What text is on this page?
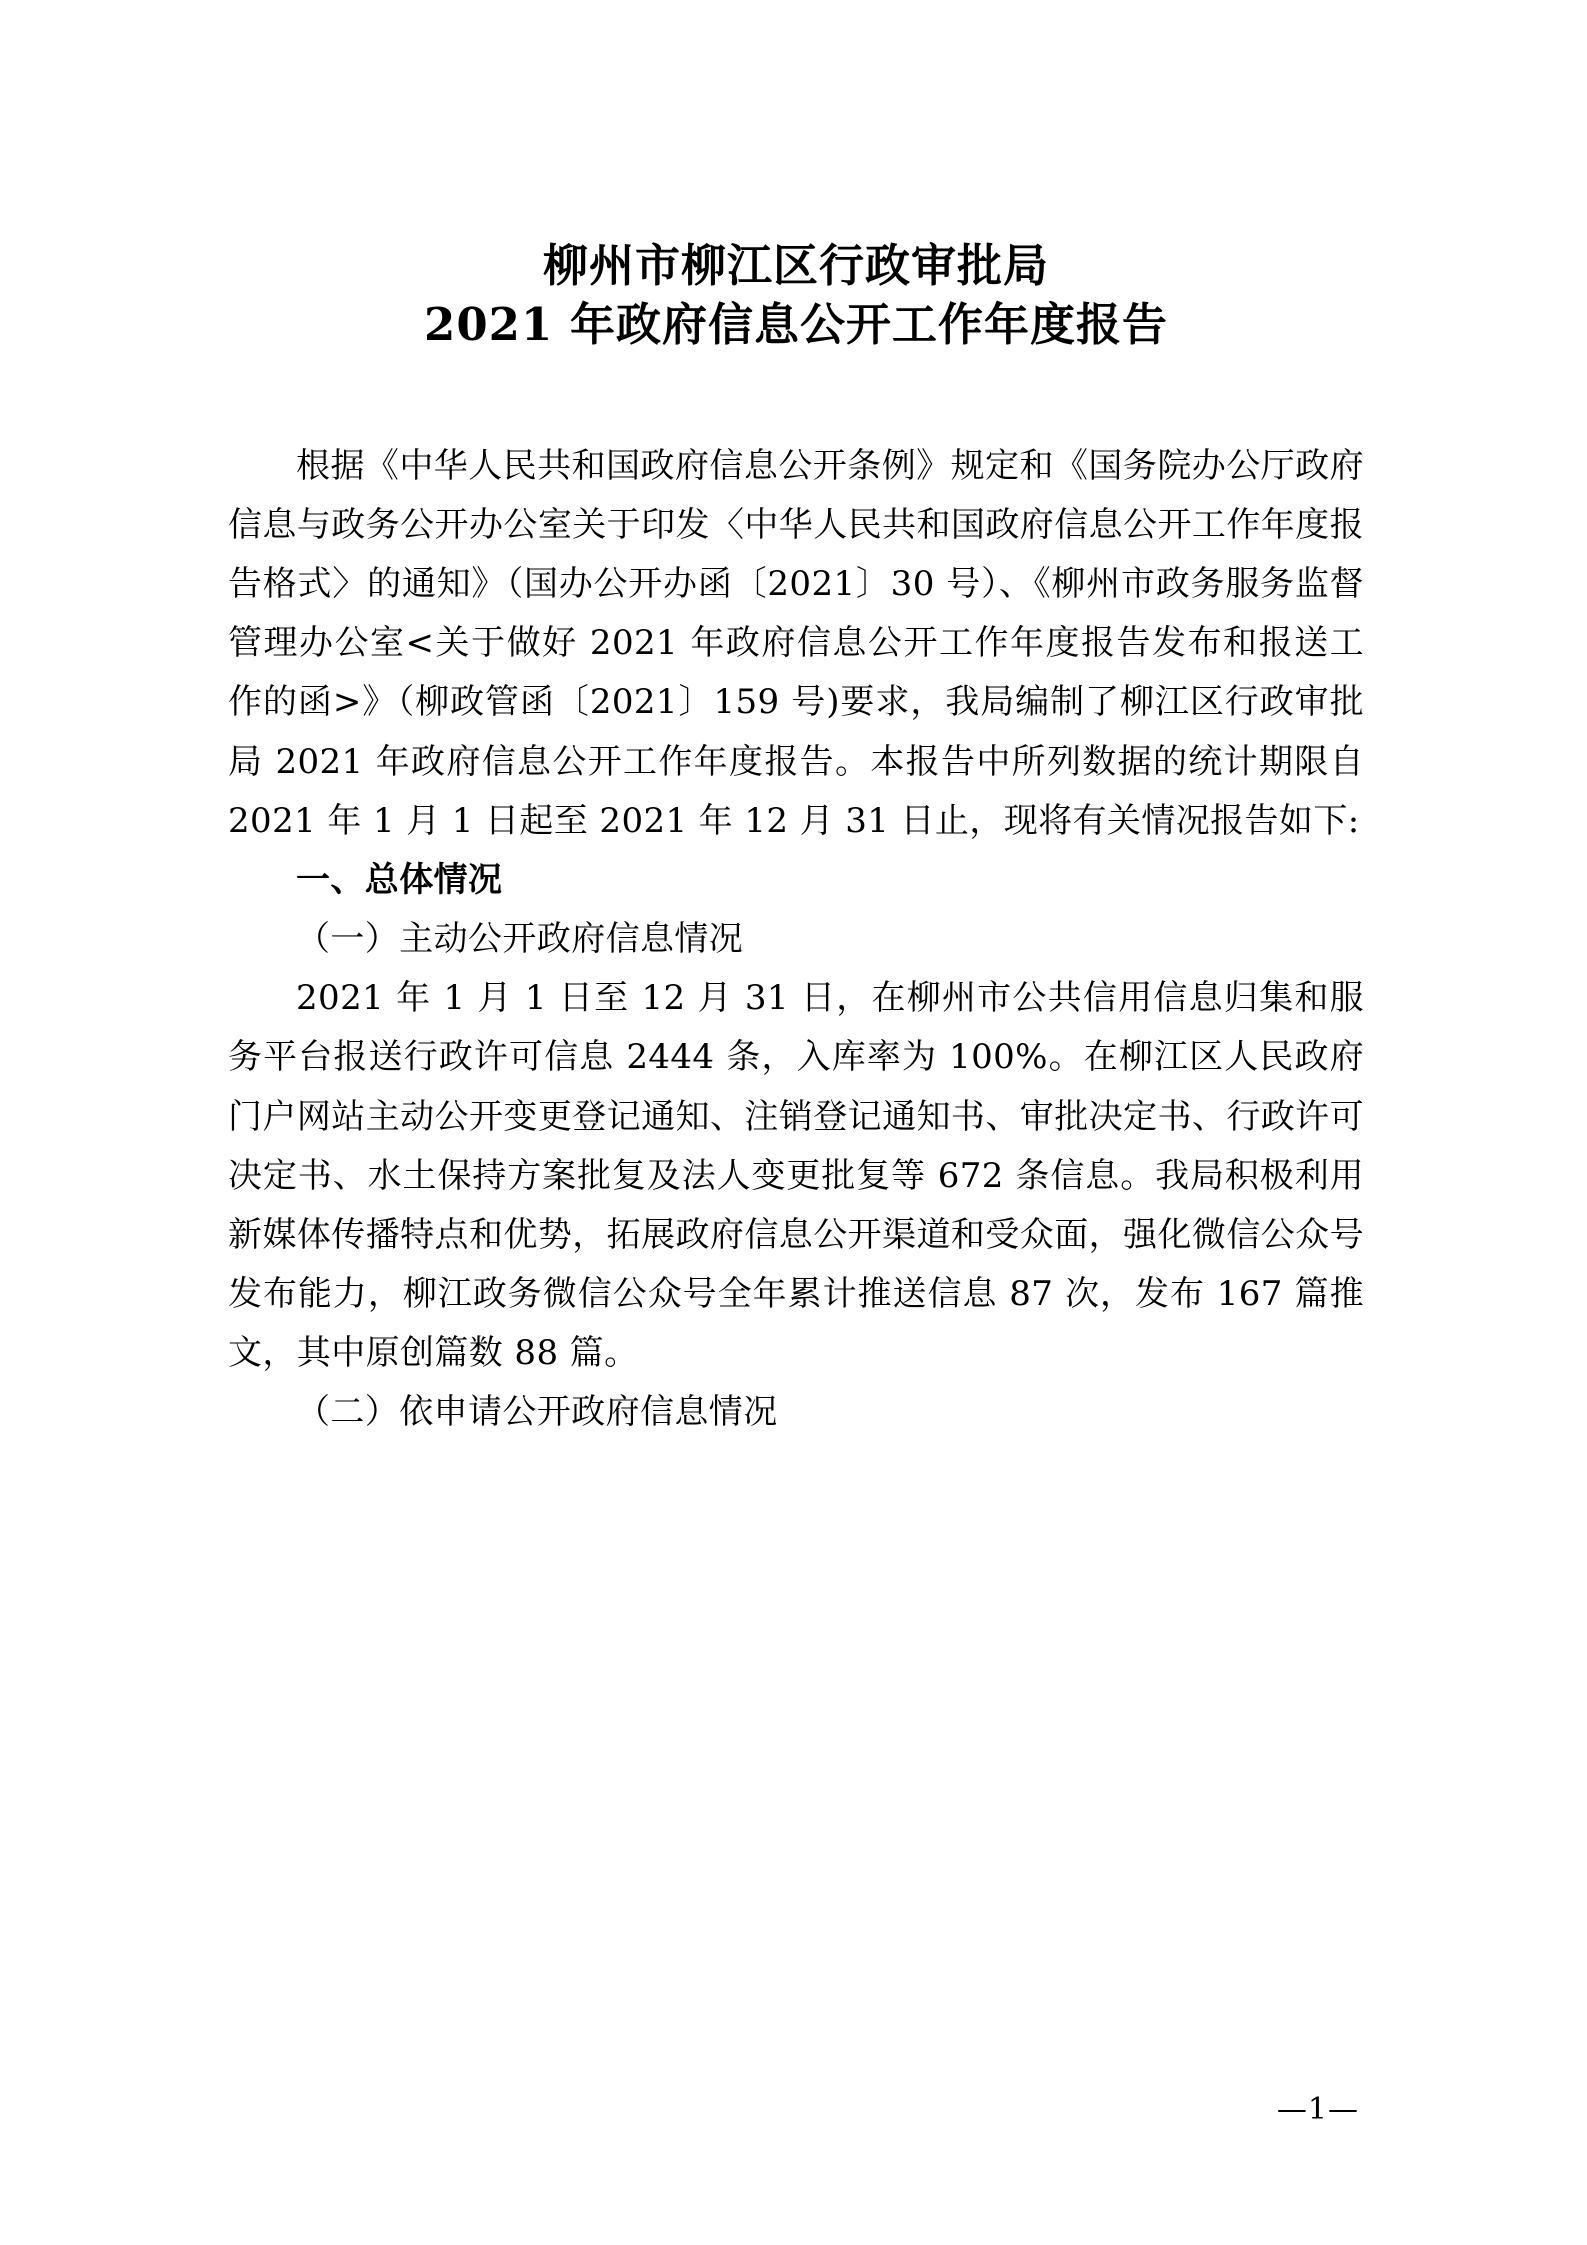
柳州市柳江区行政审批局
2021 年政府信息公开工作年度报告

根据《中华人民共和国政府信息公开条例》规定和《国务院办公厅政府信息与政务公开办公室关于印发〈中华人民共和国政府信息公开工作年度报告格式〉的通知》（国办公开办函〔2021〕30 号）、《柳州市政务服务监督管理办公室<关于做好 2021 年政府信息公开工作年度报告发布和报送工作的函>》（柳政管函〔2021〕159 号)要求，我局编制了柳江区行政审批局 2021 年政府信息公开工作年度报告。本报告中所列数据的统计期限自 2021 年 1 月 1 日起至 2021 年 12 月 31 日止，现将有关情况报告如下:

一、总体情况

（一）主动公开政府信息情况

2021 年 1 月 1 日至 12 月 31 日，在柳州市公共信用信息归集和服务平台报送行政许可信息 2444 条，入库率为 100%。在柳江区人民政府门户网站主动公开变更登记通知、注销登记通知书、审批决定书、行政许可决定书、水土保持方案批复及法人变更批复等 672 条信息。我局积极利用新媒体传播特点和优势，拓展政府信息公开渠道和受众面，强化微信公众号发布能力，柳江政务微信公众号全年累计推送信息 87 次，发布 167 篇推文，其中原创篇数 88 篇。

（二）依申请公开政府信息情况

—1—
